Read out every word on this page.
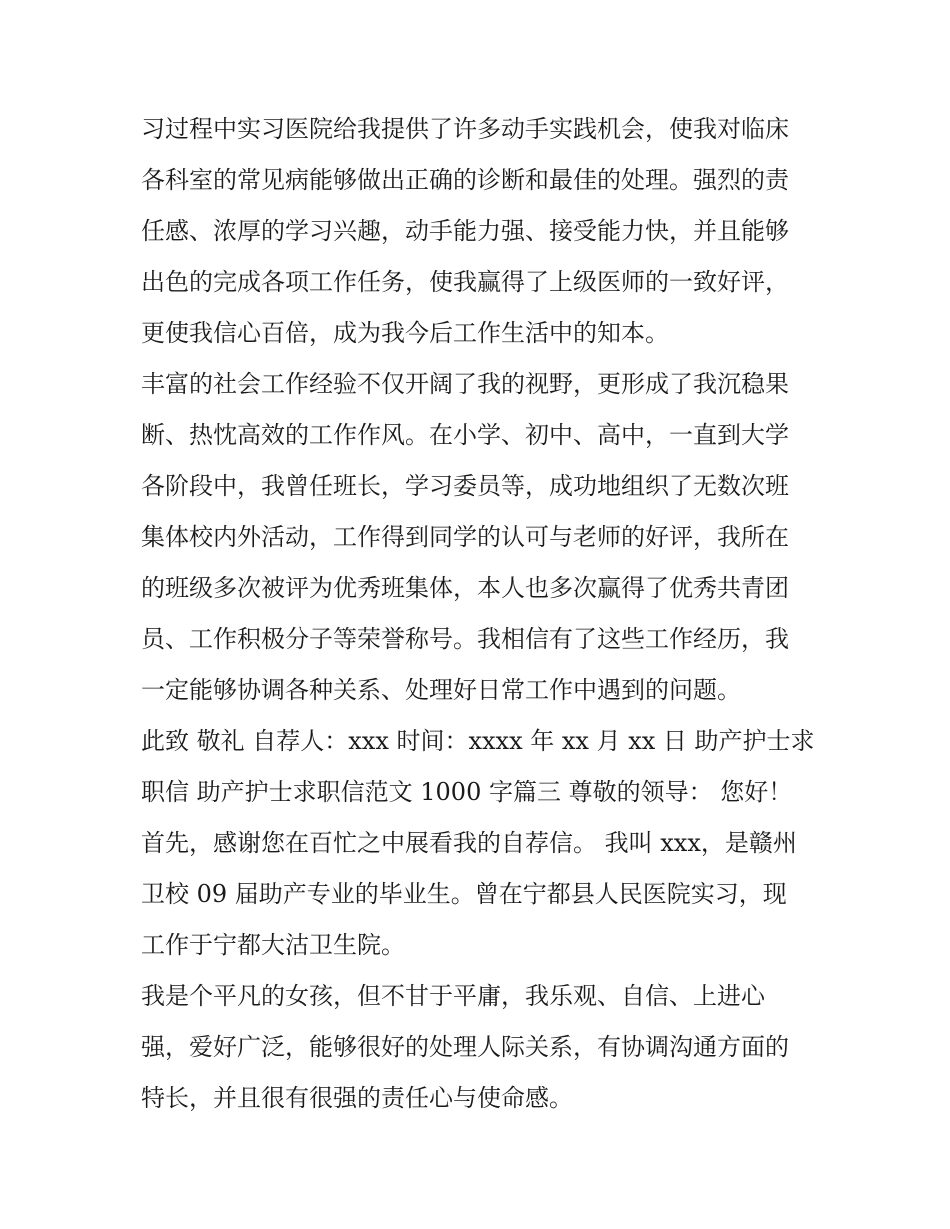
习过程中实习医院给我提供了许多动手实践机会，使我对临床
各科室的常见病能够做出正确的诊断和最佳的处理。强烈的责
任感、浓厚的学习兴趣，动手能力强、接受能力快，并且能够
出色的完成各项工作任务，使我赢得了上级医师的一致好评，
更使我信心百倍，成为我今后工作生活中的知本。
丰富的社会工作经验不仅开阔了我的视野，更形成了我沉稳果
断、热忱高效的工作作风。在小学、初中、高中，一直到大学
各阶段中，我曾任班长，学习委员等，成功地组织了无数次班
集体校内外活动，工作得到同学的认可与老师的好评，我所在
的班级多次被评为优秀班集体，本人也多次赢得了优秀共青团
员、工作积极分子等荣誉称号。我相信有了这些工作经历，我
一定能够协调各种关系、处理好日常工作中遇到的问题。
此致 敬礼 自荐人：xxx 时间：xxxx 年 xx 月 xx 日 助产护士求
职信 助产护士求职信范文 1000 字篇三 尊敬的领导： 您好！
首先，感谢您在百忙之中展看我的自荐信。 我叫 xxx，是赣州
卫校 09 届助产专业的毕业生。曾在宁都县人民医院实习，现
工作于宁都大沽卫生院。
我是个平凡的女孩，但不甘于平庸，我乐观、自信、上进心
强，爱好广泛，能够很好的处理人际关系，有协调沟通方面的
特长，并且很有很强的责任心与使命感。
